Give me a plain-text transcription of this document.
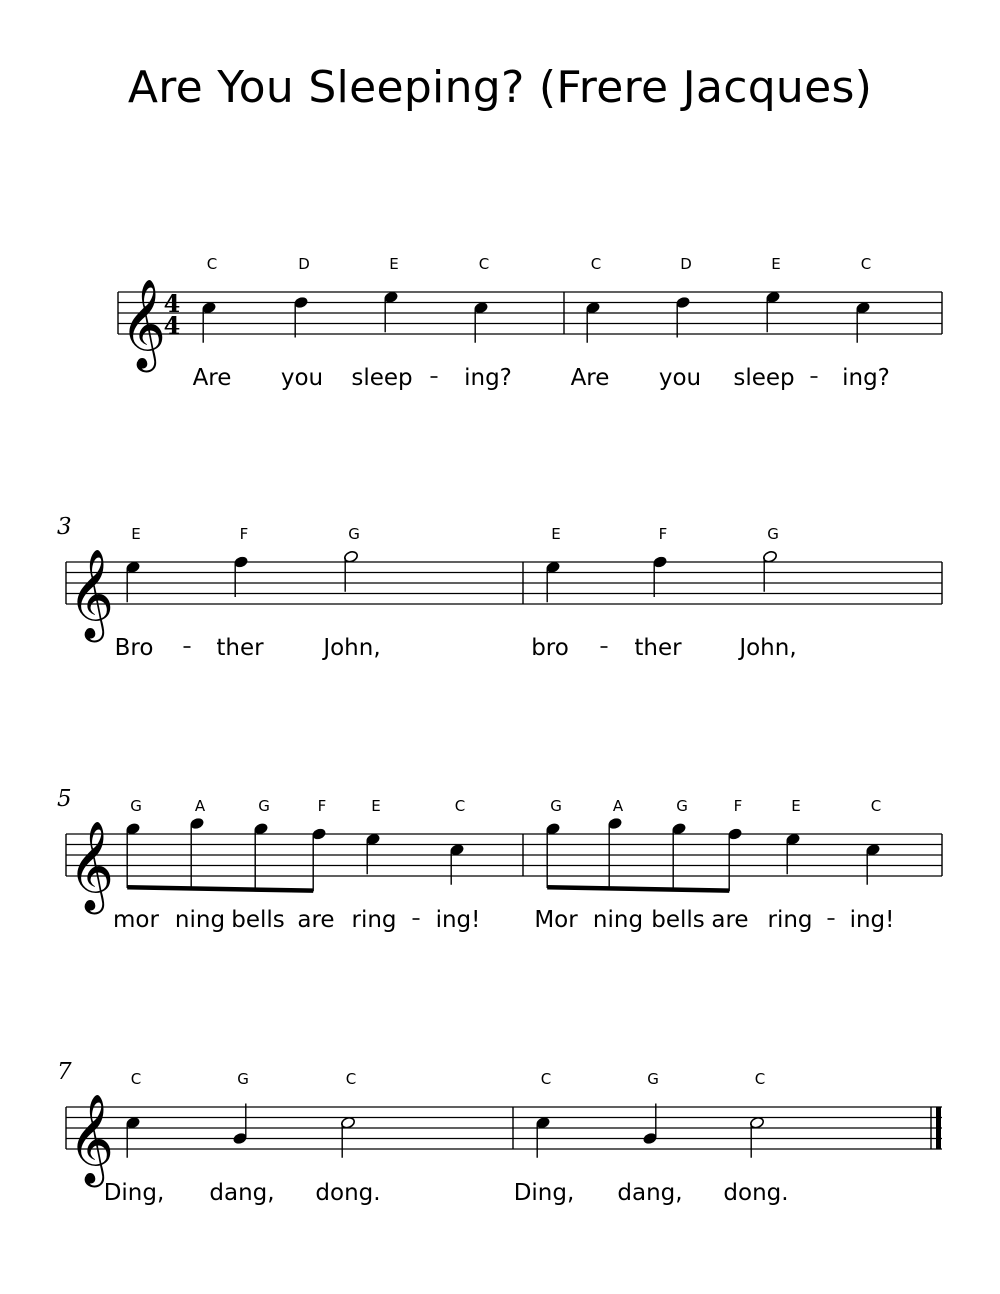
Are You Sleeping? (Frere Jacques)
𝄞
4
4
C
Are
D
you
E
sleep
C
ing?
C
Are
D
you
E
sleep
C
ing?
𝄞
3	E
Bro
F
ther
G
John,
E
bro
F
ther
G
John,
𝄞
5	G
mor
A
ning
G
bells
F
are
E
ring
C
ing!
G
Mor
A
ning
G
bells
F
are
E
ring
C
ing!
𝄞
7	C
Ding,
G
dang,
C
dong.
C
Ding,
G
dang,
C
dong.
